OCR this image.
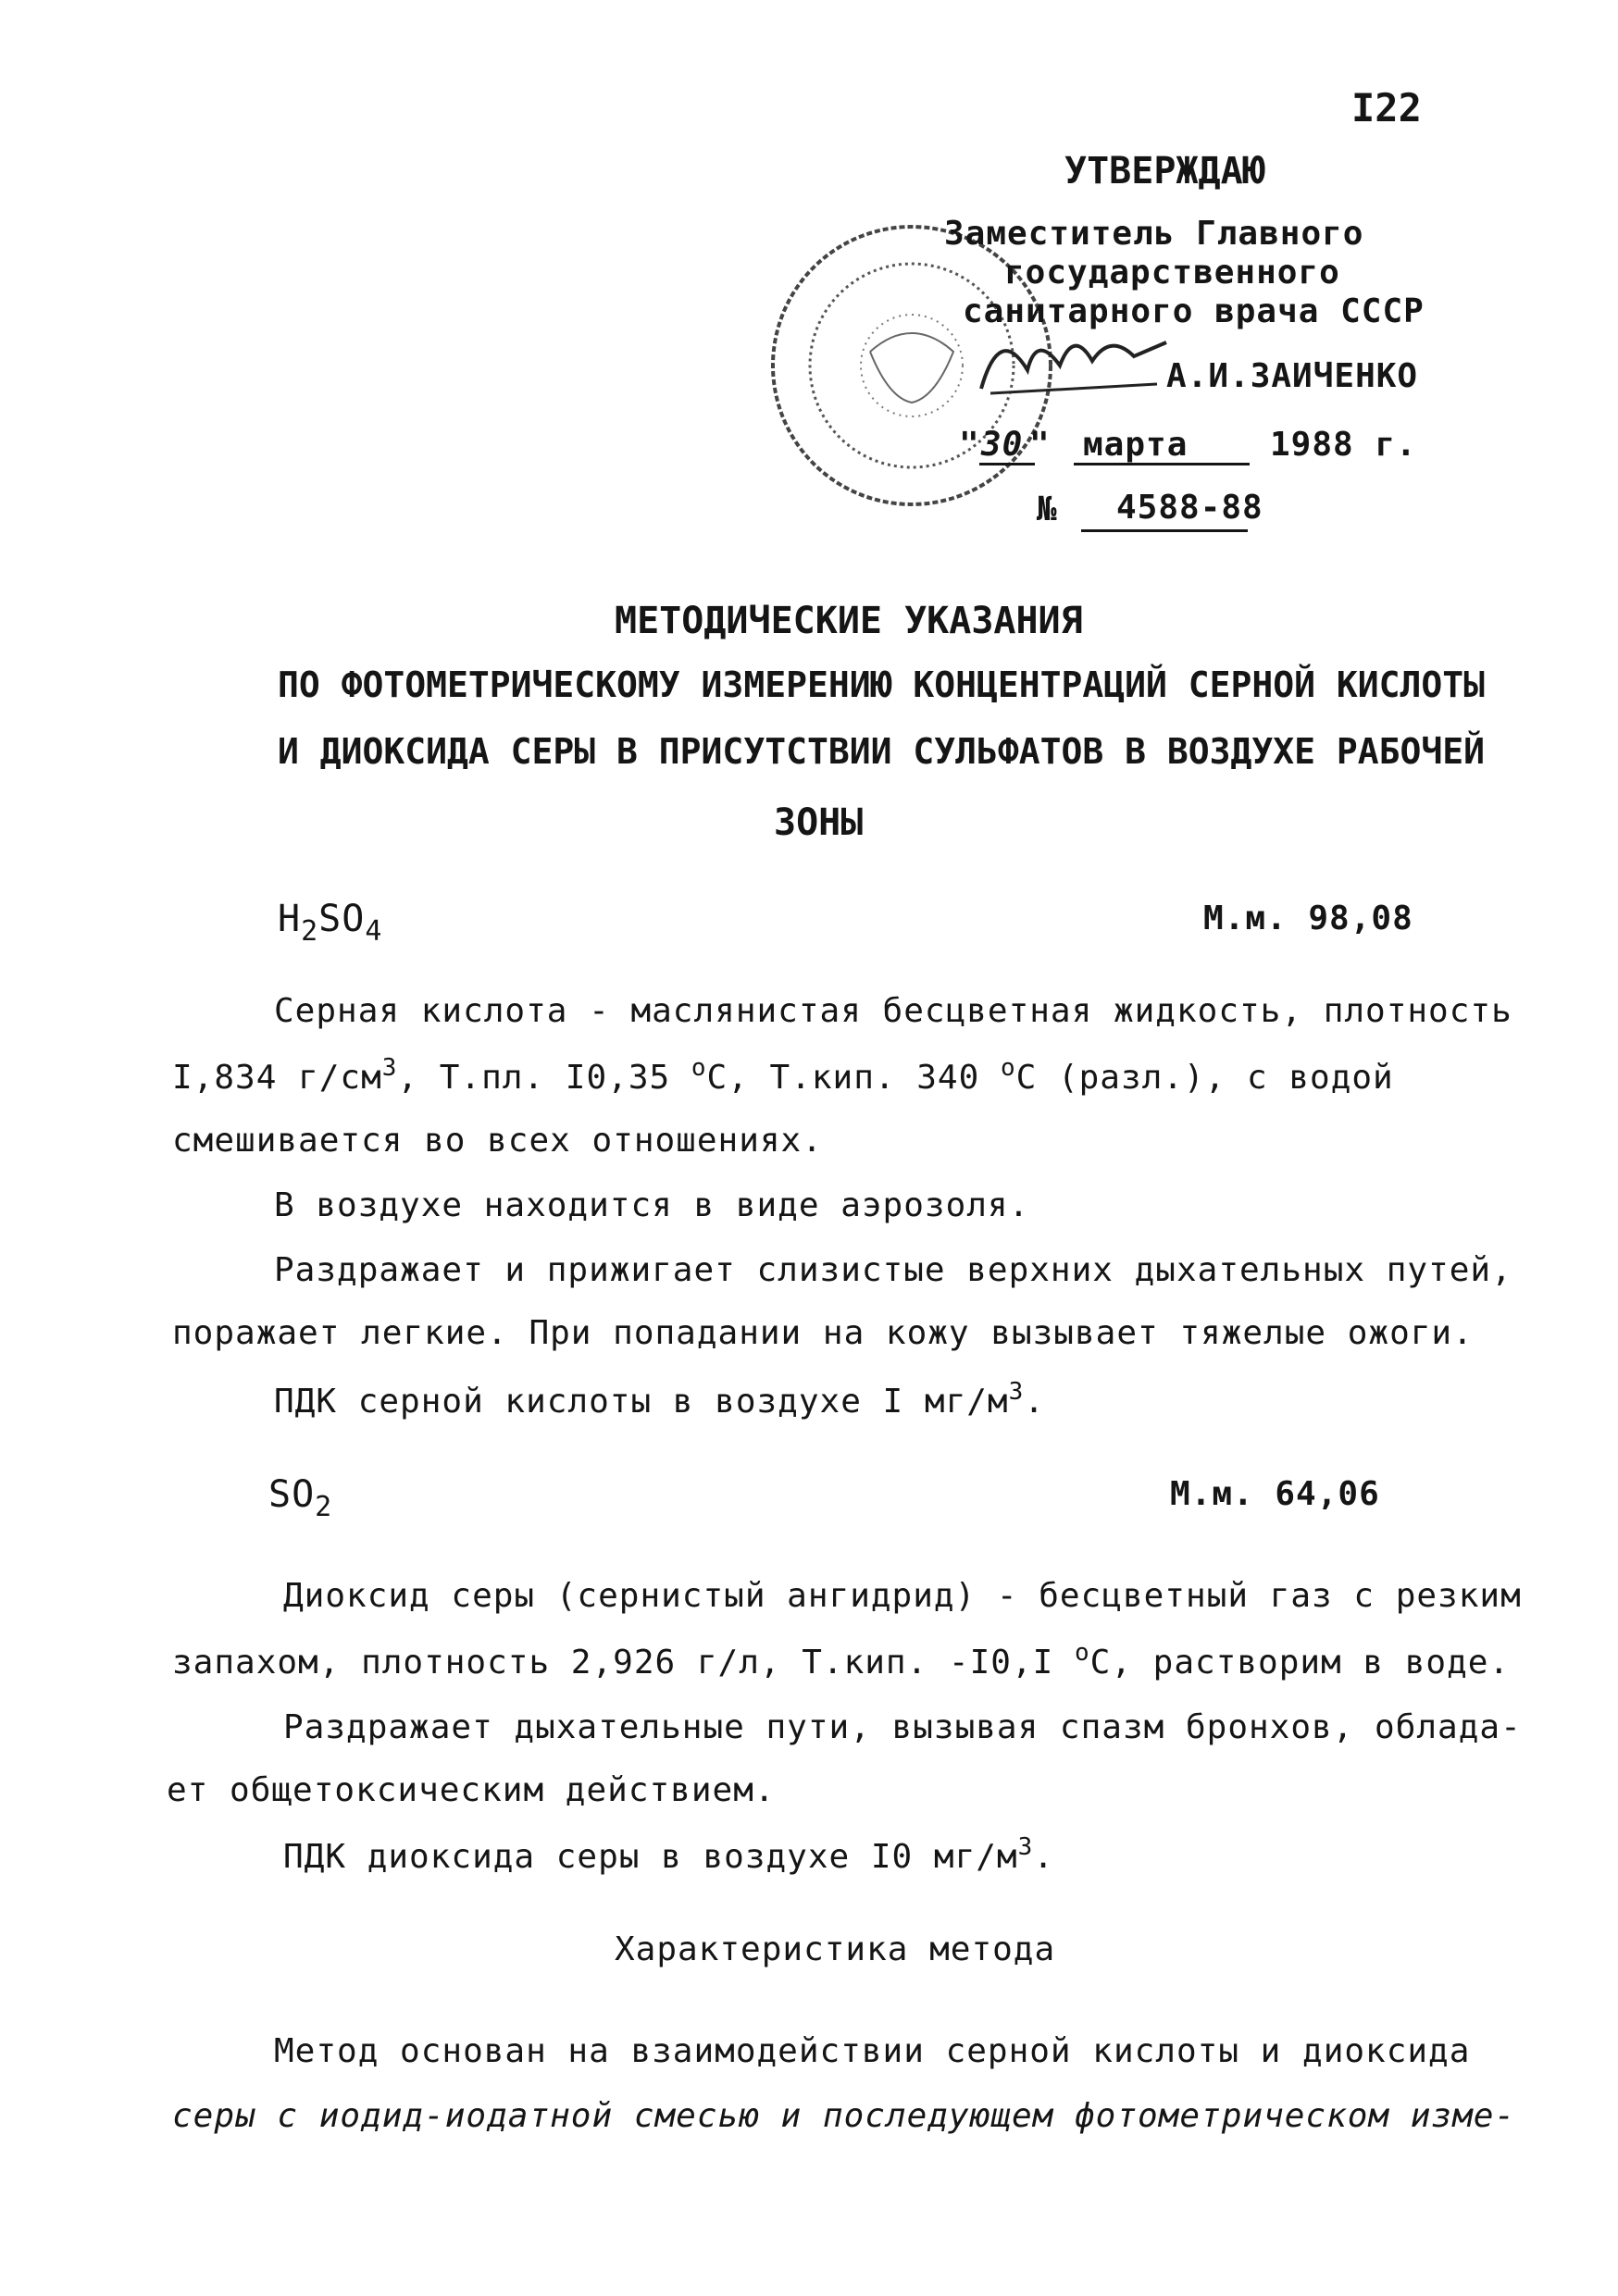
I22
УТВЕРЖДАЮ
Заместитель Главного
государственного
санитарного врача СССР
А.И.ЗАИЧЕНКО
" 30 " марта 1988 г.
№ 4588-88
МЕТОДИЧЕСКИЕ УКАЗАНИЯ
ПО ФОТОМЕТРИЧЕСКОМУ ИЗМЕРЕНИЮ КОНЦЕНТРАЦИЙ СЕРНОЙ КИСЛОТЫ
И ДИОКСИДА СЕРЫ В ПРИСУТСТВИИ СУЛЬФАТОВ В ВОЗДУХЕ РАБОЧЕЙ
ЗОНЫ
$H_2SO_4$	М.м. 98,08
Серная кислота - маслянистая бесцветная жидкость, плотность
I,834 $г/см^3$, Т.пл. I0,35 $^о$С, Т.кип. 340 $^о$С (разл.), с водой
смешивается во всех отношениях.
В воздухе находится в виде аэрозоля.
Раздражает и прижигает слизистые верхних дыхательных путей,
поражает легкие. При попадании на кожу вызывает тяжелые ожоги.
ПДК серной кислоты в воздухе I $мг/м^3$.
$SO_2$	М.м. 64,06
Диоксид серы (сернистый ангидрид) - бесцветный газ с резким
запахом, плотность 2,926 г/л, Т.кип. -I0,I $^о$С, растворим в воде.
Раздражает дыхательные пути, вызывая спазм бронхов, облада-
ет общетоксическим действием.
ПДК диоксида серы в воздухе I0 $мг/м^3$.
Характеристика метода
Метод основан на взаимодействии серной кислоты и диоксида
серы с иодид-иодатной смесью и последующем фотометрическом изме-
